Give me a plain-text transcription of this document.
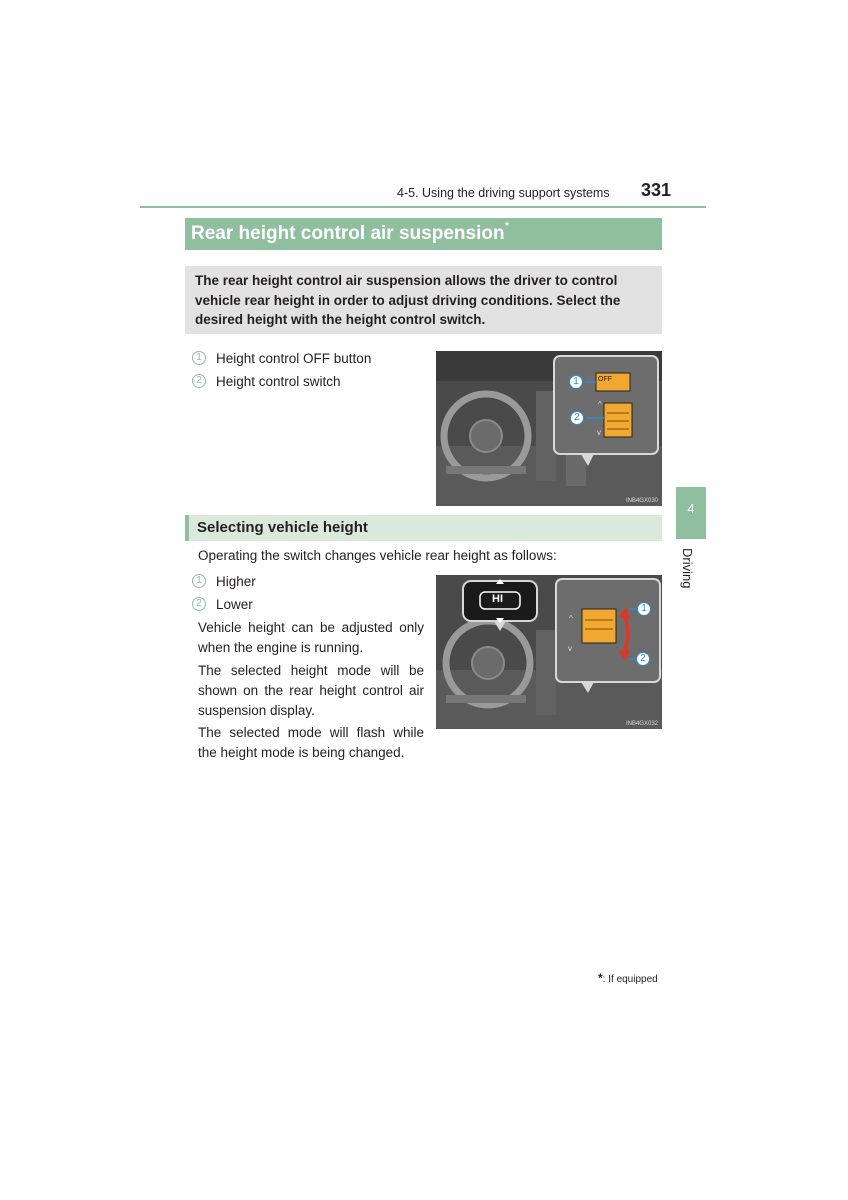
4-5. Using the driving support systems 331
Rear height control air suspension*
The rear height control air suspension allows the driver to control vehicle rear height in order to adjust driving conditions. Select the desired height with the height control switch.
1	Height control OFF button
2	Height control switch
^
v
OFF
1
2
INB4GX030
Selecting vehicle height
Operating the switch changes vehicle rear height as follows:
1	Higher
2	Lower
Vehicle height can be adjusted only when the engine is running.
The selected height mode will be shown on the rear height control air suspension display.
The selected mode will flash while the height mode is being changed.
^
v
HI
1
2
INB4GX032
4
Driving
*: If equipped
